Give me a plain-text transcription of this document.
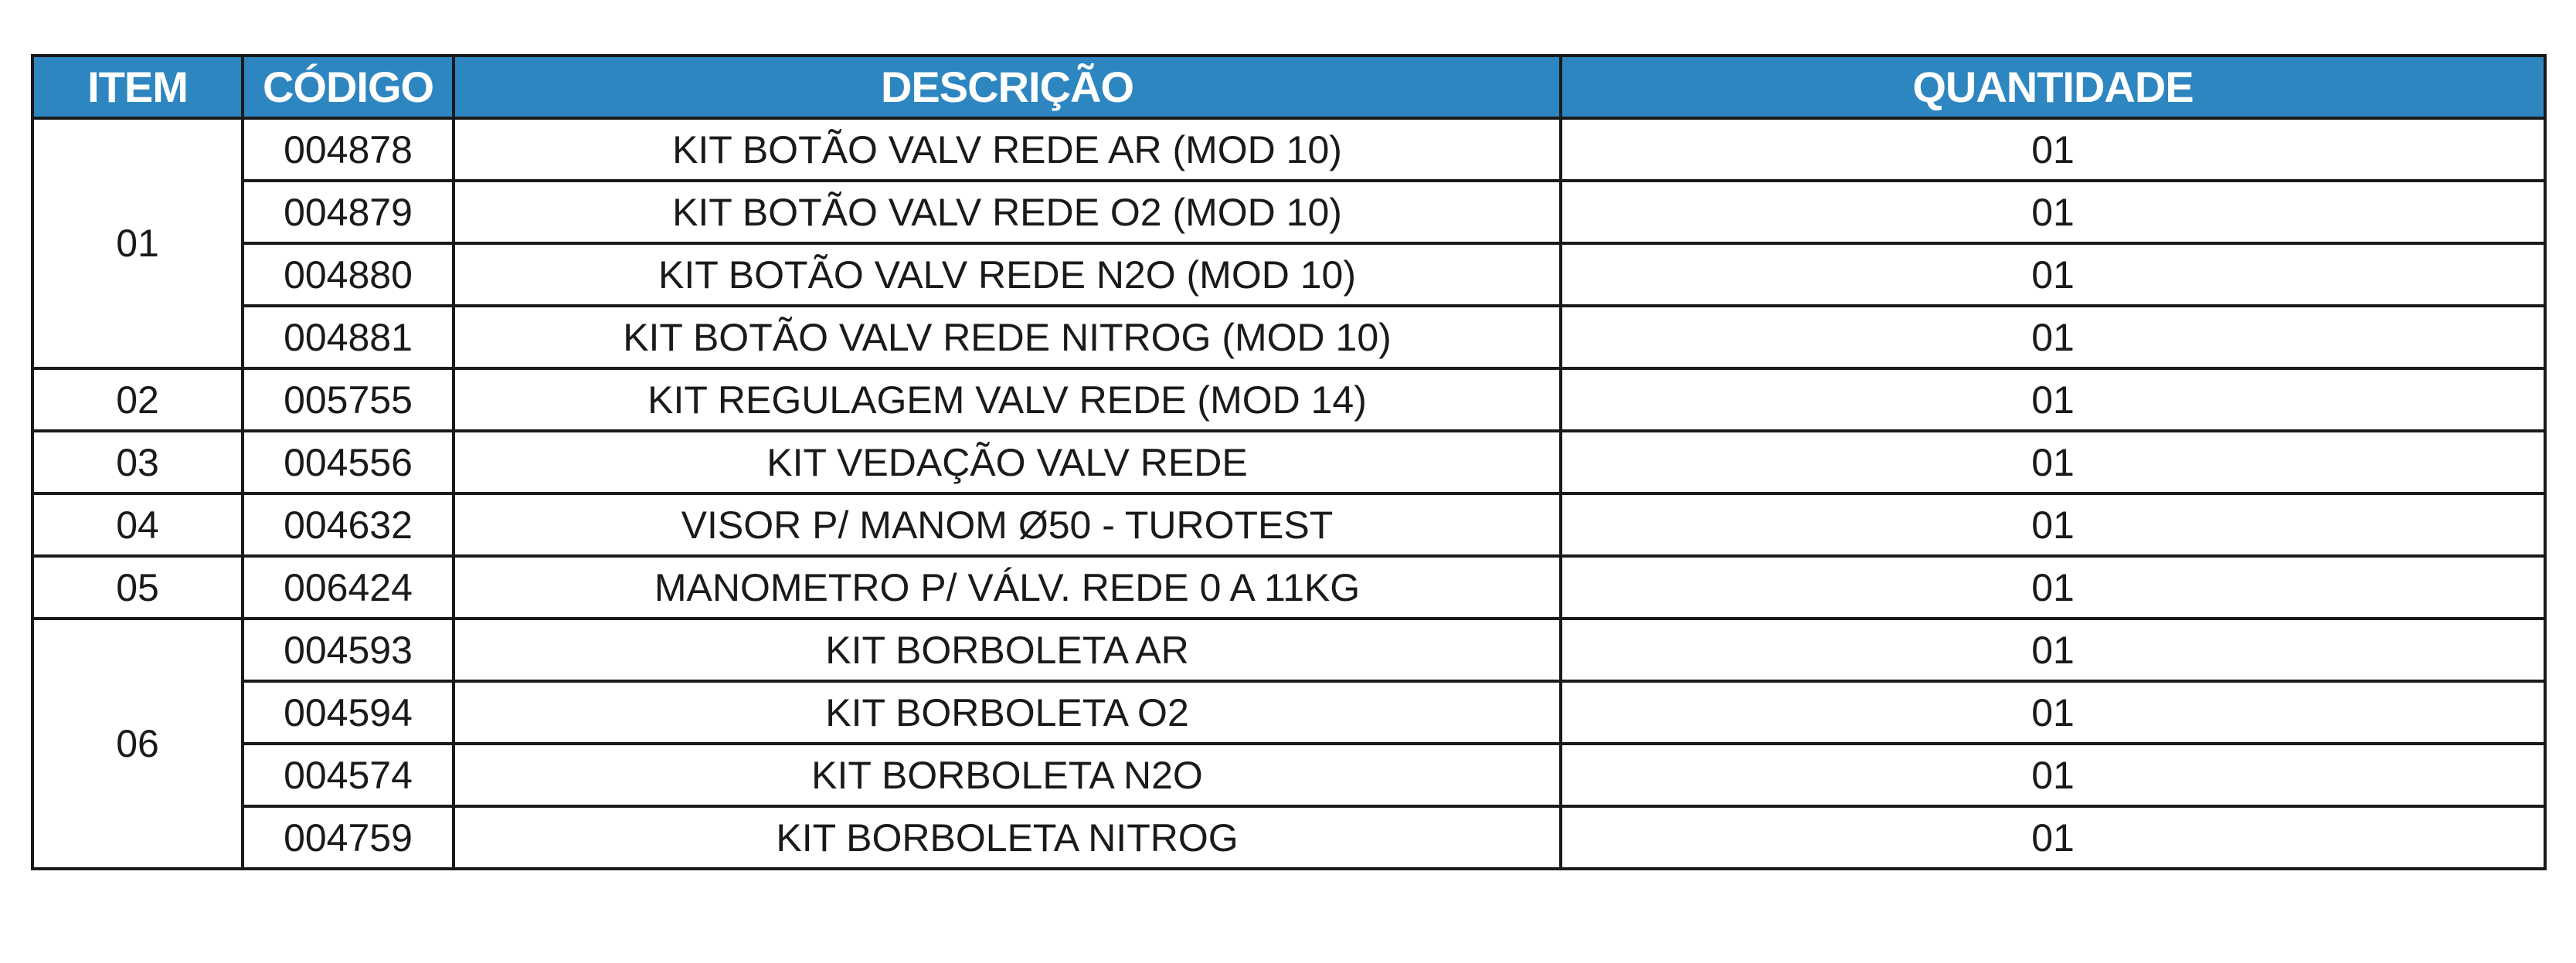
ITEM	CÓDIGO	DESCRIÇÃO	QUANTIDADE
01	004878	KIT BOTÃO VALV REDE AR (MOD 10)	01
	004879	KIT BOTÃO VALV REDE O2 (MOD 10)	01
	004880	KIT BOTÃO VALV REDE N2O (MOD 10)	01
	004881	KIT BOTÃO VALV REDE NITROG (MOD 10)	01
02	005755	KIT REGULAGEM VALV REDE (MOD 14)	01
03	004556	KIT VEDAÇÃO VALV REDE	01
04	004632	VISOR P/ MANOM Ø50 - TUROTEST	01
05	006424	MANOMETRO P/ VÁLV. REDE 0 A 11KG	01
06	004593	KIT BORBOLETA AR	01
	004594	KIT BORBOLETA O2	01
	004574	KIT BORBOLETA N2O	01
	004759	KIT BORBOLETA NITROG	01
